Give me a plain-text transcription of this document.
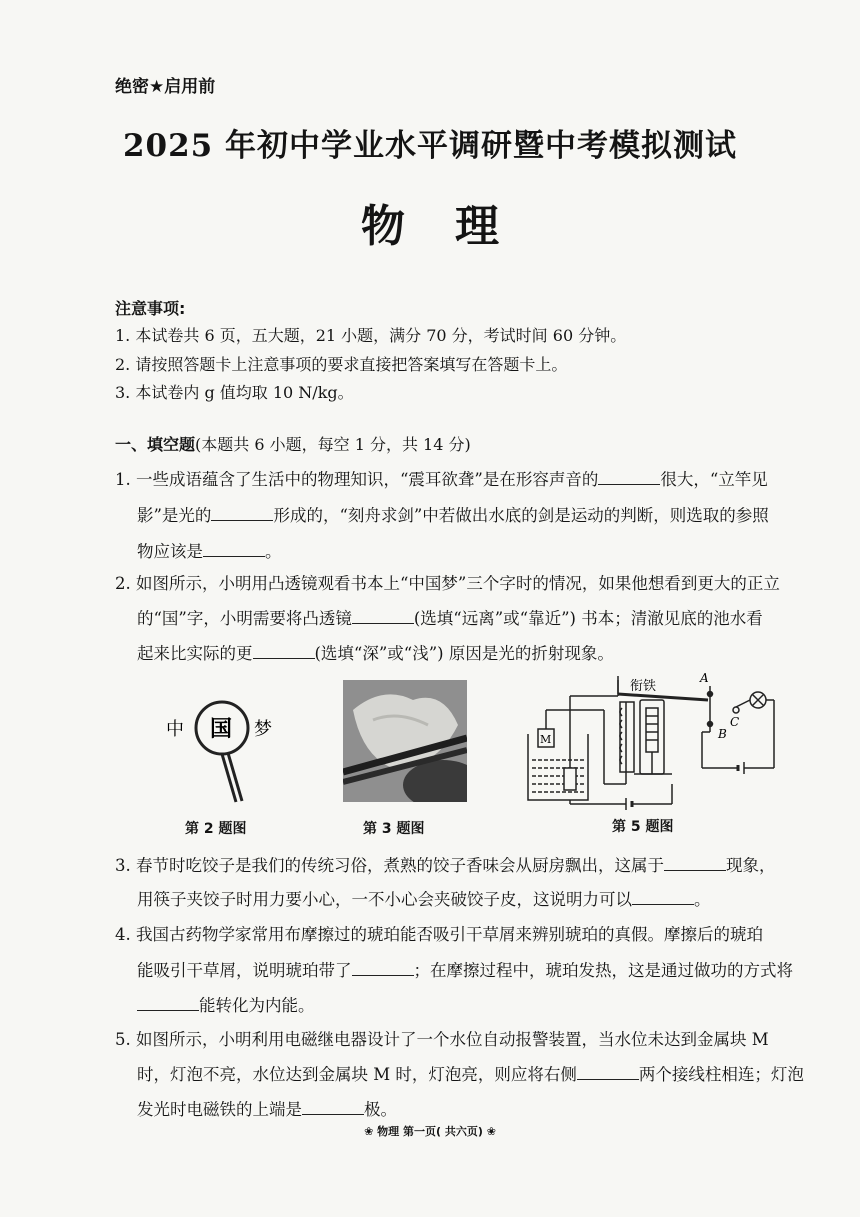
绝密★启用前
2025 年初中学业水平调研暨中考模拟测试
物理
注意事项:
1. 本试卷共 6 页，五大题，21 小题，满分 70 分，考试时间 60 分钟。
2. 请按照答题卡上注意事项的要求直接把答案填写在答题卡上。
3. 本试卷内 g 值均取 10 N/kg。
一、填空题(本题共 6 小题，每空 1 分，共 14 分)
1. 一些成语蕴含了生活中的物理知识，“震耳欲聋”是在形容声音的	很大，“立竿见
影”是光的	形成的，“刻舟求剑”中若做出水底的剑是运动的判断，则选取的参照
物应该是	。
2. 如图所示，小明用凸透镜观看书本上“中国梦”三个字时的情况，如果他想看到更大的正立
的“国”字，小明需要将凸透镜	(选填“远离”或“靠近”) 书本；清澈见底的池水看
起来比实际的更	(选填“深”或“浅”) 原因是光的折射现象。
中 国 梦
第 2 题图	第 3 题图
M
衔铁
A
B
C
第 5 题图
3. 春节时吃饺子是我们的传统习俗，煮熟的饺子香味会从厨房飘出，这属于	现象，
用筷子夹饺子时用力要小心，一不小心会夹破饺子皮，这说明力可以	。
4. 我国古药物学家常用布摩擦过的琥珀能否吸引干草屑来辨别琥珀的真假。摩擦后的琥珀
能吸引干草屑，说明琥珀带了	；在摩擦过程中，琥珀发热，这是通过做功的方式将
能转化为内能。
5. 如图所示，小明利用电磁继电器设计了一个水位自动报警装置，当水位未达到金属块 M
时，灯泡不亮，水位达到金属块 M 时，灯泡亮，则应将右侧	两个接线柱相连；灯泡
发光时电磁铁的上端是	极。
❀ 物理 第一页( 共六页) ❀
